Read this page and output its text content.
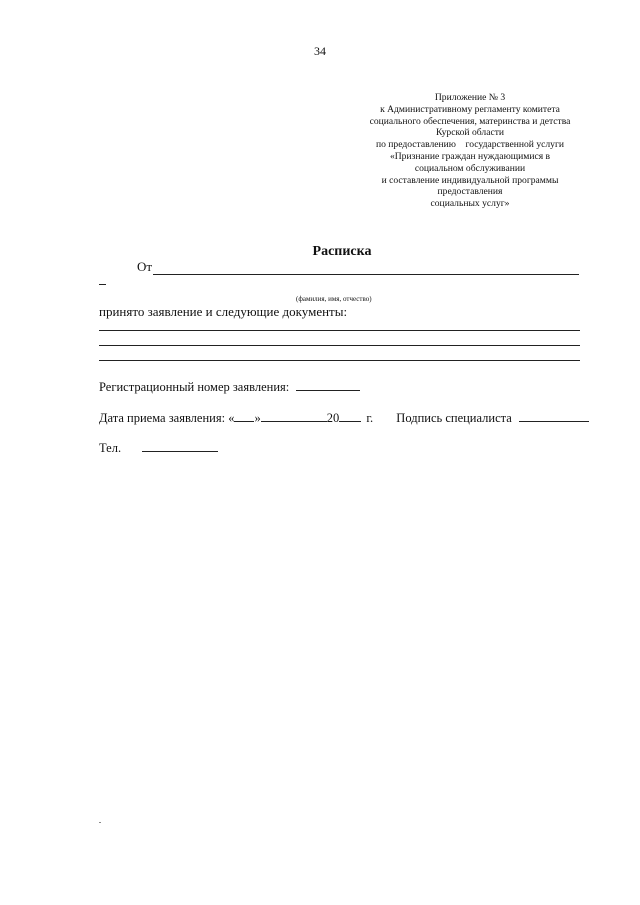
34
Приложение № 3
к Административному регламенту комитета
социального обеспечения, материнства и детства
Курской области
по предоставлению    государственной услуги
«Признание граждан нуждающимися в
социальном обслуживании
и составление индивидуальной программы
предоставления
социальных услуг»
Расписка
От
(фамилия, имя, отчество)
принято заявление и следующие документы:
Регистрационный номер заявления:
Дата приема заявления: « »	20 г. Подпись специалиста
Тел.
